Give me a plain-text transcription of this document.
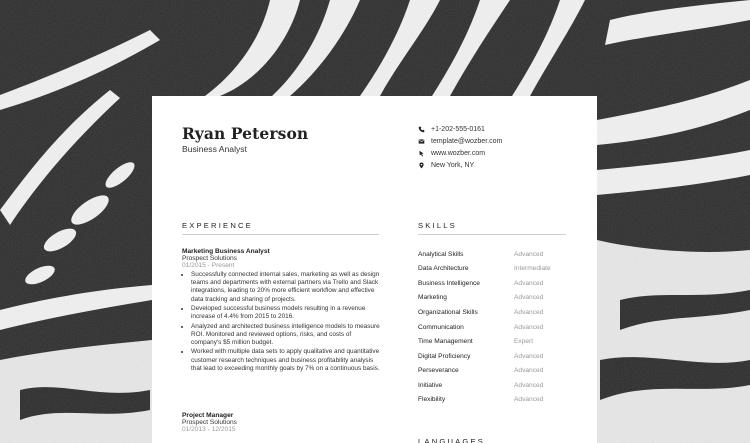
Ryan Peterson
Business Analyst
+1-202-555-0161
template@wozber.com
www.wozber.com
New York, NY
EXPERIENCE
Marketing Business Analyst
Prospect Solutions
01/2015 - Present
• Successfully connected internal sales, marketing as well as design teams and departments with external partners via Trello and Slack integrations, leading to 20% more efficient workflow and effective data tracking and sharing of projects.
• Developed successful business models resulting in a revenue increase of 4.4% from 2015 to 2016.
• Analyzed and architected business intelligence models to measure ROI. Monitored and reviewed options, risks, and costs of company's $5 million budget.
• Worked with multiple data sets to apply qualitative and quantitative customer research techniques and business profitability analysis that lead to exceeding monthly goals by 7% on a continuous basis.
Project Manager
Prospect Solutions
01/2013 - 12/2015
SKILLS
Analytical Skills	Advanced
Data Architecture	Intermediate
Business Intelligence	Advanced
Marketing	Advanced
Organizational Skills	Advanced
Communication	Advanced
Time Management	Expert
Digital Proficiency	Advanced
Perseverance	Advanced
Initiative	Advanced
Flexibility	Advanced
LANGUAGES
